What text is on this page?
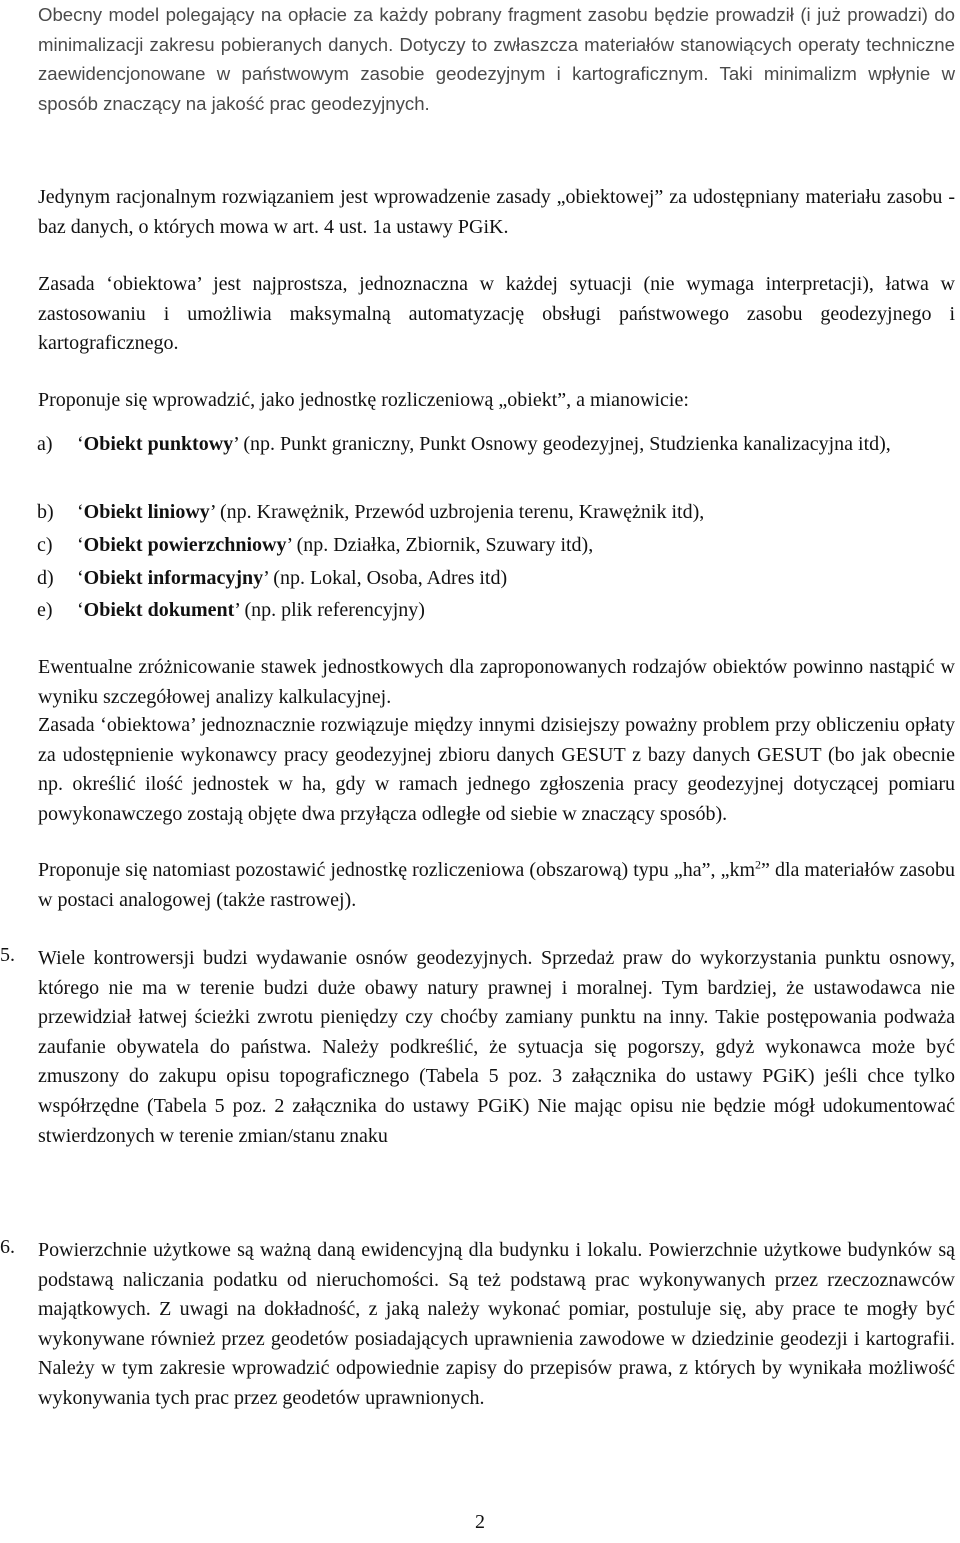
Obecny model polegający na opłacie za każdy pobrany fragment zasobu będzie prowadził (i już prowadzi) do minimalizacji zakresu pobieranych danych. Dotyczy to zwłaszcza materiałów stanowiących operaty techniczne zaewidencjonowane w państwowym zasobie geodezyjnym i kartograficznym. Taki minimalizm wpłynie w sposób znaczący na jakość prac geodezyjnych.

Jedynym racjonalnym rozwiązaniem jest wprowadzenie zasady „obiektowej” za udostępniany materiału zasobu - baz danych, o których mowa w art. 4 ust. 1a ustawy PGiK.

Zasada ‘obiektowa’ jest najprostsza, jednoznaczna w każdej sytuacji (nie wymaga interpretacji), łatwa w zastosowaniu i umożliwia maksymalną automatyzację obsługi państwowego zasobu geodezyjnego i kartograficznego.

Proponuje się wprowadzić, jako jednostkę rozliczeniową „obiekt”, a mianowicie:

a) ‘Obiekt punktowy’ (np. Punkt graniczny, Punkt Osnowy geodezyjnej, Studzienka kanalizacyjna itd),
b) ‘Obiekt liniowy’ (np. Krawężnik, Przewód uzbrojenia terenu, Krawężnik itd),
c) ‘Obiekt powierzchniowy’ (np. Działka, Zbiornik, Szuwary itd),
d) ‘Obiekt informacyjny’ (np. Lokal, Osoba, Adres itd)
e) ‘Obiekt dokument’ (np. plik referencyjny)

Ewentualne zróżnicowanie stawek jednostkowych dla zaproponowanych rodzajów obiektów powinno nastąpić w wyniku szczegółowej analizy kalkulacyjnej.

Zasada ‘obiektowa’ jednoznacznie rozwiązuje między innymi dzisiejszy poważny problem przy obliczeniu opłaty za udostępnienie wykonawcy pracy geodezyjnej zbioru danych GESUT z bazy danych GESUT (bo jak obecnie np. określić ilość jednostek w ha, gdy w ramach jednego zgłoszenia pracy geodezyjnej dotyczącej pomiaru powykonawczego zostają objęte dwa przyłącza odległe od siebie w znaczący sposób).

Proponuje się natomiast pozostawić jednostkę rozliczeniowa (obszarową) typu „ha”, $„km^2$” dla materiałów zasobu w postaci analogowej (także rastrowej).

5. Wiele kontrowersji budzi wydawanie osnów geodezyjnych. Sprzedaż praw do wykorzystania punktu osnowy, którego nie ma w terenie budzi duże obawy natury prawnej i moralnej. Tym bardziej, że ustawodawca nie przewidział łatwej ścieżki zwrotu pieniędzy czy choćby zamiany punktu na inny. Takie postępowania podważa zaufanie obywatela do państwa. Należy podkreślić, że sytuacja się pogorszy, gdyż wykonawca może być zmuszony do zakupu opisu topograficznego (Tabela 5 poz. 3 załącznika do ustawy PGiK) jeśli chce tylko współrzędne (Tabela 5 poz. 2 załącznika do ustawy PGiK) Nie mając opisu nie będzie mógł udokumentować stwierdzonych w terenie zmian/stanu znaku

6. Powierzchnie użytkowe są ważną daną ewidencyjną dla budynku i lokalu. Powierzchnie użytkowe budynków są podstawą naliczania podatku od nieruchomości. Są też podstawą prac wykonywanych przez rzeczoznawców majątkowych. Z uwagi na dokładność, z jaką należy wykonać pomiar, postuluje się, aby prace te mogły być wykonywane również przez geodetów posiadających uprawnienia zawodowe w dziedzinie geodezji i kartografii. Należy w tym zakresie wprowadzić odpowiednie zapisy do przepisów prawa, z których by wynikała możliwość wykonywania tych prac przez geodetów uprawnionych.

2
